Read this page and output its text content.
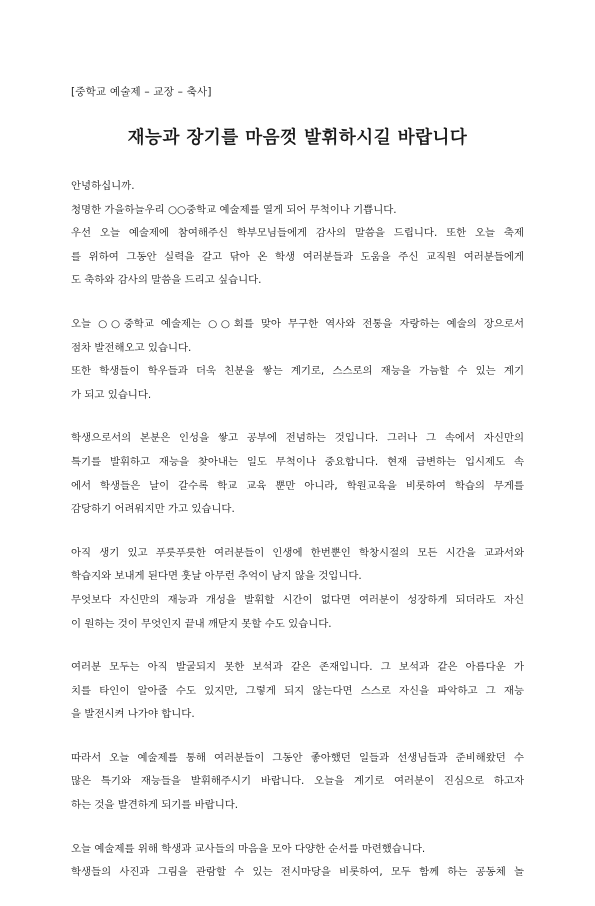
[중학교 예술제 – 교장 – 축사]
재능과 장기를 마음껏 발휘하시길 바랍니다
안녕하십니까.
청명한 가을하늘우리 ○○중학교 예술제를 열게 되어 무척이나 기쁩니다.
우선 오늘 예술제에 참여해주신 학부모님들에게 감사의 말씀을 드립니다. 또한 오늘 축제
를 위하여 그동안 실력을 갈고 닦아 온 학생 여러분들과 도움을 주신 교직원 여러분들에게
도 축하와 감사의 말씀을 드리고 싶습니다.
오늘 ○○중학교 예술제는 ○○회를 맞아 무구한 역사와 전통을 자랑하는 예술의 장으로서
점차 발전해오고 있습니다.
또한 학생들이 학우들과 더욱 친분을 쌓는 계기로, 스스로의 재능을 가늠할 수 있는 계기
가 되고 있습니다.
학생으로서의 본분은 인성을 쌓고 공부에 전념하는 것입니다. 그러나 그 속에서 자신만의
특기를 발휘하고 재능을 찾아내는 일도 무척이나 중요합니다. 현재 급변하는 입시제도 속
에서 학생들은 날이 갈수록 학교 교육 뿐만 아니라, 학원교육을 비롯하여 학습의 무게를
감당하기 어려워지만 가고 있습니다.
아직 생기 있고 푸릇푸릇한 여러분들이 인생에 한번뿐인 학창시절의 모든 시간을 교과서와
학습지와 보내게 된다면 훗날 아무런 추억이 남지 않을 것입니다.
무엇보다 자신만의 재능과 개성을 발휘할 시간이 없다면 여러분이 성장하게 되더라도 자신
이 원하는 것이 무엇인지 끝내 깨닫지 못할 수도 있습니다.
여러분 모두는 아직 발굴되지 못한 보석과 같은 존재입니다. 그 보석과 같은 아름다운 가
치를 타인이 알아줄 수도 있지만, 그렇게 되지 않는다면 스스로 자신을 파악하고 그 재능
을 발전시켜 나가야 합니다.
따라서 오늘 예술제를 통해 여러분들이 그동안 좋아했던 일들과 선생님들과 준비해왔던 수
많은 특기와 재능들을 발휘해주시기 바랍니다. 오늘을 계기로 여러분이 진심으로 하고자
하는 것을 발견하게 되기를 바랍니다.
오늘 예술제를 위해 학생과 교사들의 마음을 모아 다양한 순서를 마련했습니다.
학생들의 사진과 그림을 관람할 수 있는 전시마당을 비롯하여, 모두 함께 하는 공동체 놀
